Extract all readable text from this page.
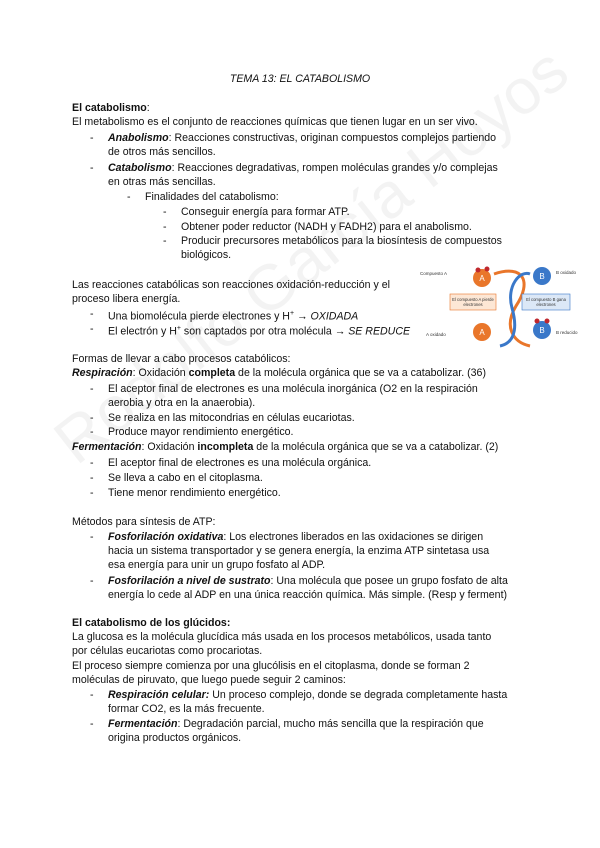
TEMA 13: EL CATABOLISMO
El catabolismo:
El metabolismo es el conjunto de reacciones químicas que tienen lugar en un ser vivo.
- Anabolismo: Reacciones constructivas, originan compuestos complejos partiendo
de otros más sencillos.
- Catabolismo: Reacciones degradativas, rompen moléculas grandes y/o complejas
en otras más sencillas.
- Finalidades del catabolismo:
- Conseguir energía para formar ATP.
- Obtener poder reductor (NADH y FADH2) para el anabolismo.
- Producir precursores metabólicos para la biosíntesis de compuestos
biológicos.
Las reacciones catabólicas son reacciones oxidación-reducción y el
proceso libera energía.
- Una biomolécula pierde electrones y H+ → OXIDADA
- El electrón y H+ son captados por otra molécula → SE REDUCE
A
A
B
B
Compuesto A	B oxidado
A oxidado	B reducido
El compuesto A pierde electrones
El compuesto B gana electrones
Formas de llevar a cabo procesos catabólicos:
Respiración: Oxidación completa de la molécula orgánica que se va a catabolizar. (36)
- El aceptor final de electrones es una molécula inorgánica (O2 en la respiración
aerobia y otra en la anaerobia).
- Se realiza en las mitocondrias en células eucariotas.
- Produce mayor rendimiento energético.
Fermentación: Oxidación incompleta de la molécula orgánica que se va a catabolizar. (2)
- El aceptor final de electrones es una molécula orgánica.
- Se lleva a cabo en el citoplasma.
- Tiene menor rendimiento energético.
Métodos para síntesis de ATP:
- Fosforilación oxidativa: Los electrones liberados en las oxidaciones se dirigen
hacia un sistema transportador y se genera energía, la enzima ATP sintetasa usa
esa energía para unir un grupo fosfato al ADP.
- Fosforilación a nivel de sustrato: Una molécula que posee un grupo fosfato de alta
energía lo cede al ADP en una única reacción química. Más simple. (Resp y ferment)
El catabolismo de los glúcidos:
La glucosa es la molécula glucídica más usada en los procesos metabólicos, usada tanto
por células eucariotas como procariotas.
El proceso siempre comienza por una glucólisis en el citoplasma, donde se forman 2
moléculas de piruvato, que luego puede seguir 2 caminos:
- Respiración celular: Un proceso complejo, donde se degrada completamente hasta
formar CO2, es la más frecuente.
- Fermentación: Degradación parcial, mucho más sencilla que la respiración que
origina productos orgánicos.
